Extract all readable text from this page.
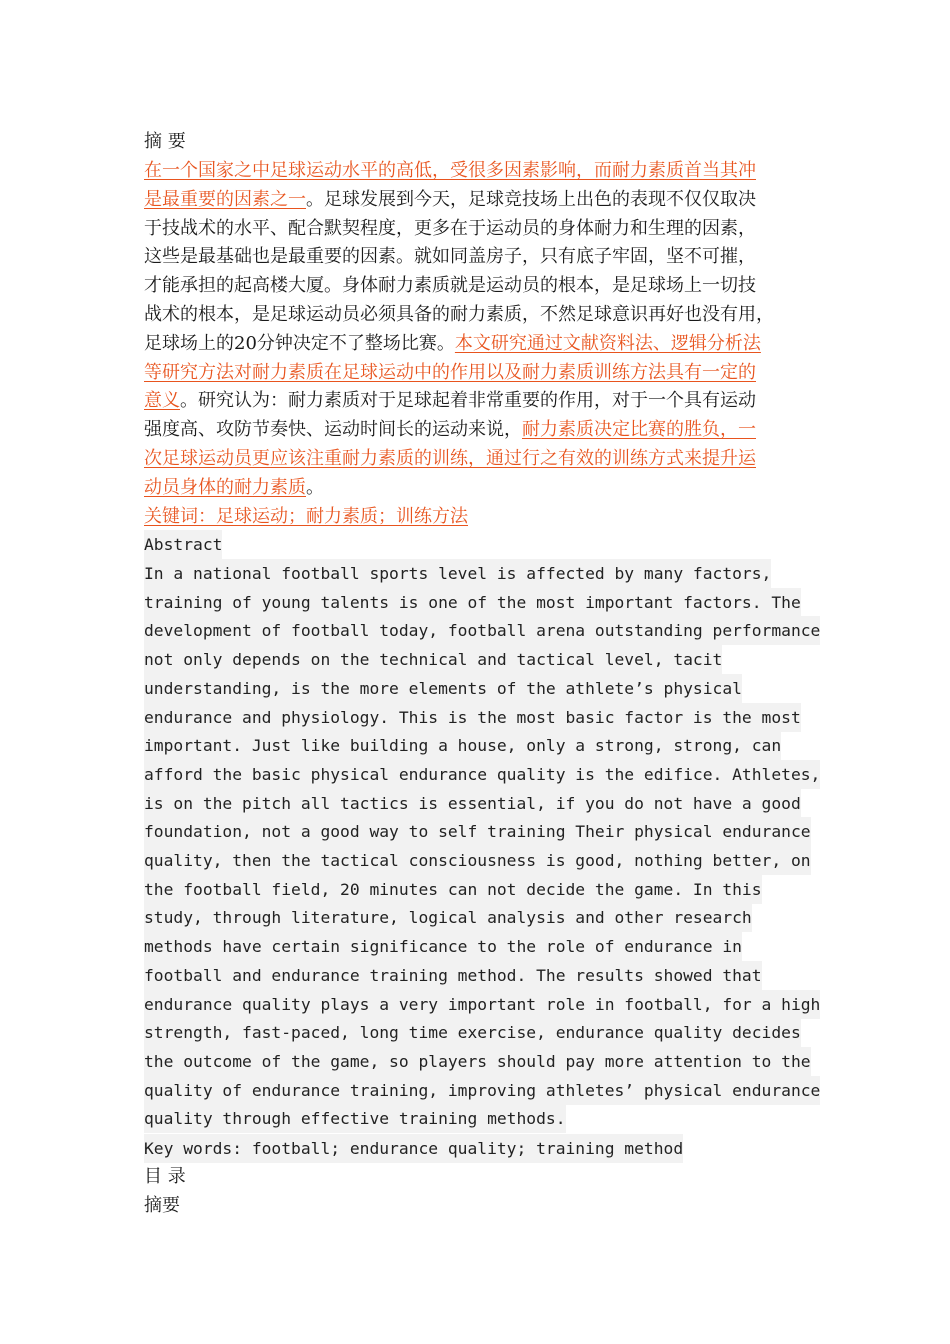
摘 要
在一个国家之中足球运动水平的高低，受很多因素影响，而耐力素质首当其冲
是最重要的因素之一。足球发展到今天，足球竞技场上出色的表现不仅仅取决
于技战术的水平、配合默契程度，更多在于运动员的身体耐力和生理的因素，
这些是最基础也是最重要的因素。就如同盖房子，只有底子牢固，坚不可摧，
才能承担的起高楼大厦。身体耐力素质就是运动员的根本，是足球场上一切技
战术的根本，是足球运动员必须具备的耐力素质，不然足球意识再好也没有用，
足球场上的20分钟决定不了整场比赛。本文研究通过文献资料法、逻辑分析法
等研究方法对耐力素质在足球运动中的作用以及耐力素质训练方法具有一定的
意义。研究认为：耐力素质对于足球起着非常重要的作用，对于一个具有运动
强度高、攻防节奏快、运动时间长的运动来说，耐力素质决定比赛的胜负，一
次足球运动员更应该注重耐力素质的训练，通过行之有效的训练方式来提升运
动员身体的耐力素质。
关键词：足球运动；耐力素质；训练方法
Abstract
In a national football sports level is affected by many factors,
training of young talents is one of the most important factors. The
development of football today, football arena outstanding performance
not only depends on the technical and tactical level, tacit
understanding, is the more elements of the athlete’s physical
endurance and physiology. This is the most basic factor is the most
important. Just like building a house, only a strong, strong, can
afford the basic physical endurance quality is the edifice. Athletes,
is on the pitch all tactics is essential, if you do not have a good
foundation, not a good way to self training Their physical endurance
quality, then the tactical consciousness is good, nothing better, on
the football field, 20 minutes can not decide the game. In this
study, through literature, logical analysis and other research
methods have certain significance to the role of endurance in
football and endurance training method. The results showed that
endurance quality plays a very important role in football, for a high
strength, fast-paced, long time exercise, endurance quality decides
the outcome of the game, so players should pay more attention to the
quality of endurance training, improving athletes’ physical endurance
quality through effective training methods.
Key words: football; endurance quality; training method
目 录
摘要
